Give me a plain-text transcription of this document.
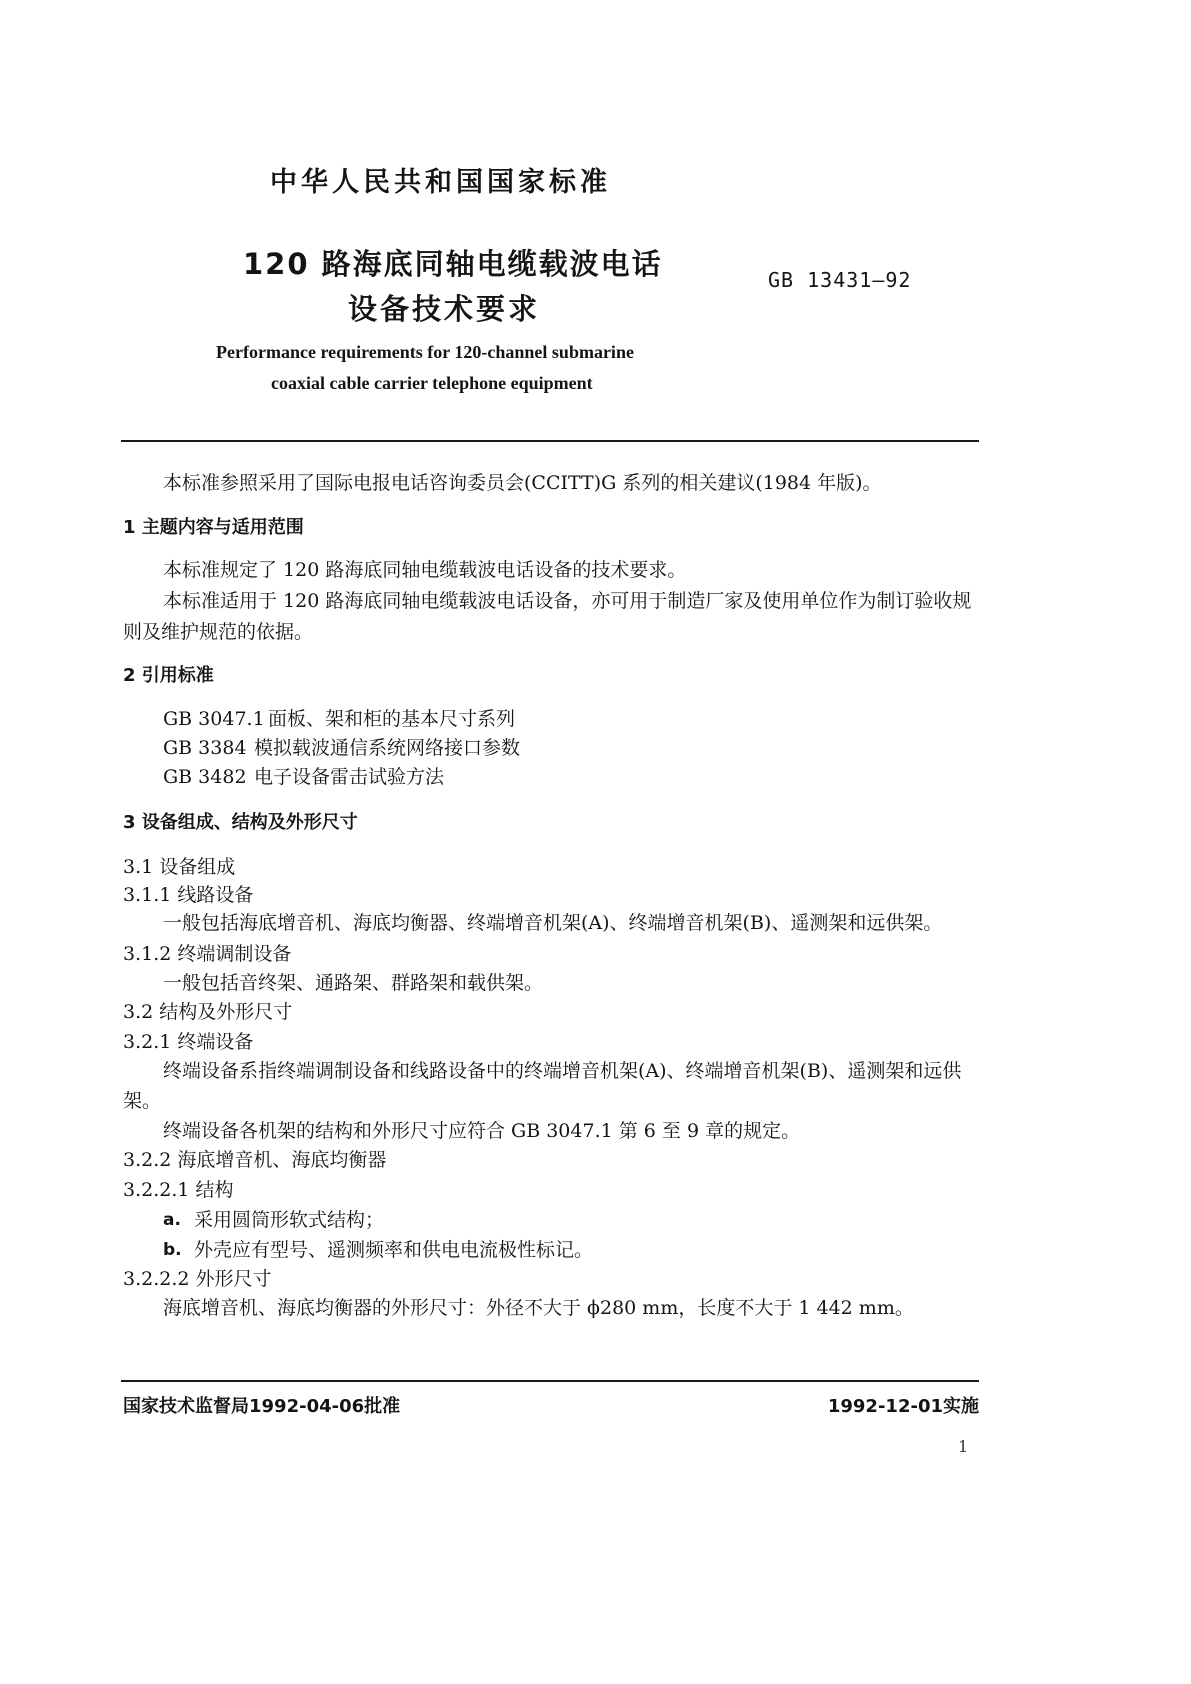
中华人民共和国国家标准
120 路海底同轴电缆载波电话
设备技术要求
GB 13431—92
Performance requirements for 120-channel submarine
coaxial cable carrier telephone equipment
本标准参照采用了国际电报电话咨询委员会(CCITT)G 系列的相关建议(1984 年版)。
1 主题内容与适用范围
本标准规定了 120 路海底同轴电缆载波电话设备的技术要求。
本标准适用于 120 路海底同轴电缆载波电话设备，亦可用于制造厂家及使用单位作为制订验收规
则及维护规范的依据。
2 引用标准
GB 3047.1 面板、架和柜的基本尺寸系列
GB 3384 模拟载波通信系统网络接口参数
GB 3482 电子设备雷击试验方法
3 设备组成、结构及外形尺寸
3.1 设备组成
3.1.1 线路设备
一般包括海底增音机、海底均衡器、终端增音机架(A)、终端增音机架(B)、遥测架和远供架。
3.1.2 终端调制设备
一般包括音终架、通路架、群路架和载供架。
3.2 结构及外形尺寸
3.2.1 终端设备
终端设备系指终端调制设备和线路设备中的终端增音机架(A)、终端增音机架(B)、遥测架和远供
架。
终端设备各机架的结构和外形尺寸应符合 GB 3047.1 第 6 至 9 章的规定。
3.2.2 海底增音机、海底均衡器
3.2.2.1 结构
a. 采用圆筒形软式结构；
b. 外壳应有型号、遥测频率和供电电流极性标记。
3.2.2.2 外形尺寸
海底增音机、海底均衡器的外形尺寸：外径不大于 ϕ280 mm，长度不大于 1 442 mm。
国家技术监督局1992-04-06批准	1992-12-01实施
1
